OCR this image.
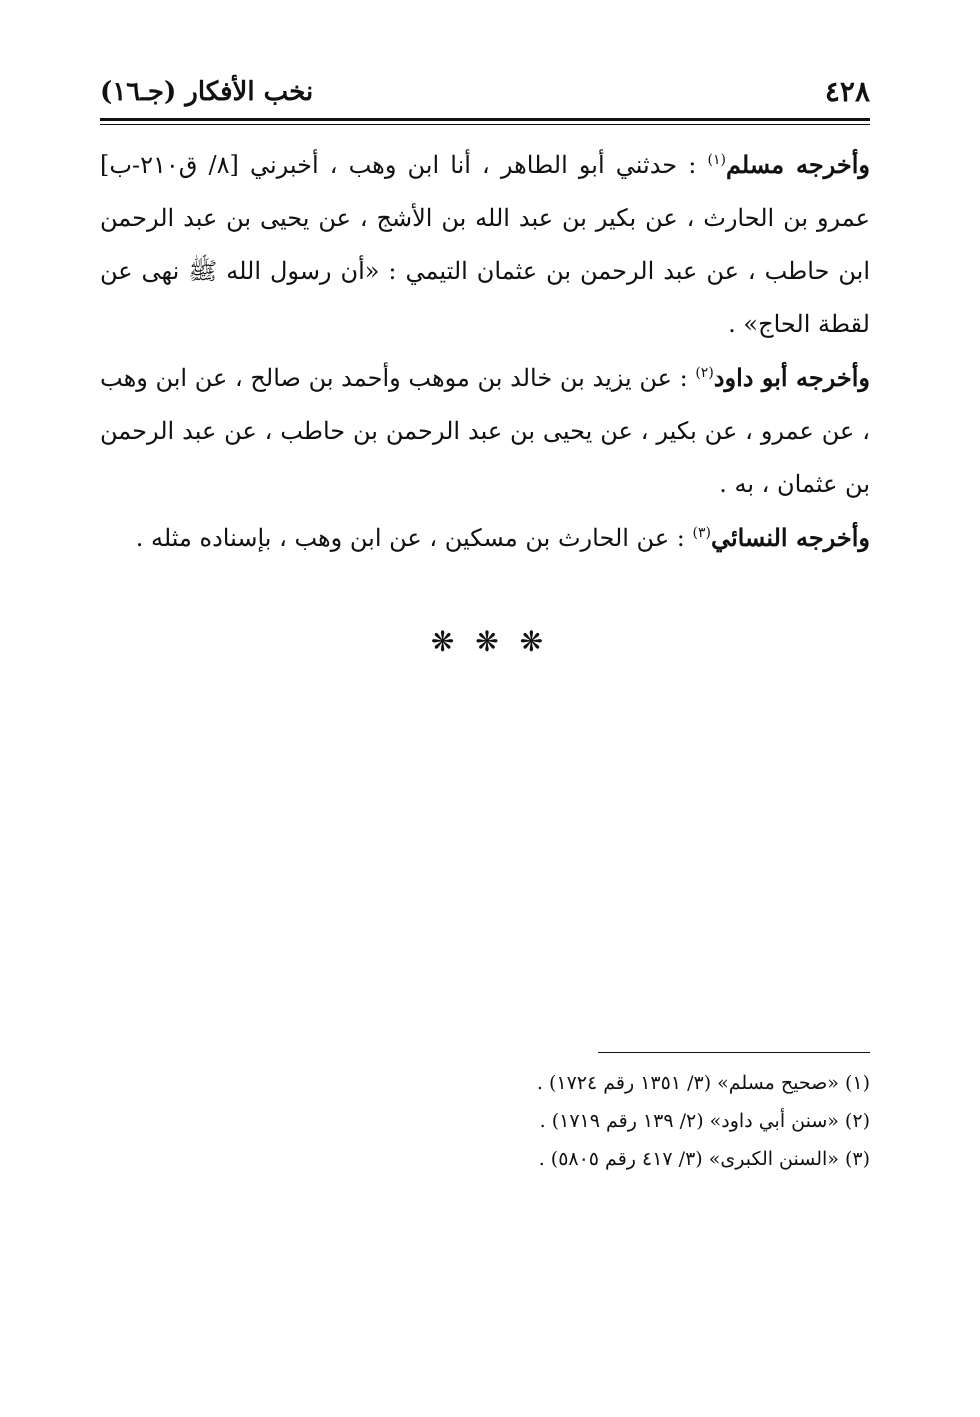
٤٢٨
نخب الأفكار (جـ١٦)

وأخرجه مسلم$^{(١)}$ : حدثني أبو الطاهر ، أنا ابن وهب ، أخبرني [٨/ ق٢١٠-ب] عمرو بن الحارث ، عن بكير بن عبد الله بن الأشج ، عن يحيى بن عبد الرحمن ابن حاطب ، عن عبد الرحمن بن عثمان التيمي : «أن رسول الله ﷺ نهى عن لقطة الحاج» .

وأخرجه أبو داود$^{(٢)}$ : عن يزيد بن خالد بن موهب وأحمد بن صالح ، عن ابن وهب ، عن عمرو ، عن بكير ، عن يحيى بن عبد الرحمن بن حاطب ، عن عبد الرحمن بن عثمان ، به .

وأخرجه النسائي$^{(٣)}$ : عن الحارث بن مسكين ، عن ابن وهب ، بإسناده مثله .

❋ ❋ ❋

(١) «صحيح مسلم» (٣/ ١٣٥١ رقم ١٧٢٤) .

(٢) «سنن أبي داود» (٢/ ١٣٩ رقم ١٧١٩) .

(٣) «السنن الكبرى» (٣/ ٤١٧ رقم ٥٨٠٥) .
